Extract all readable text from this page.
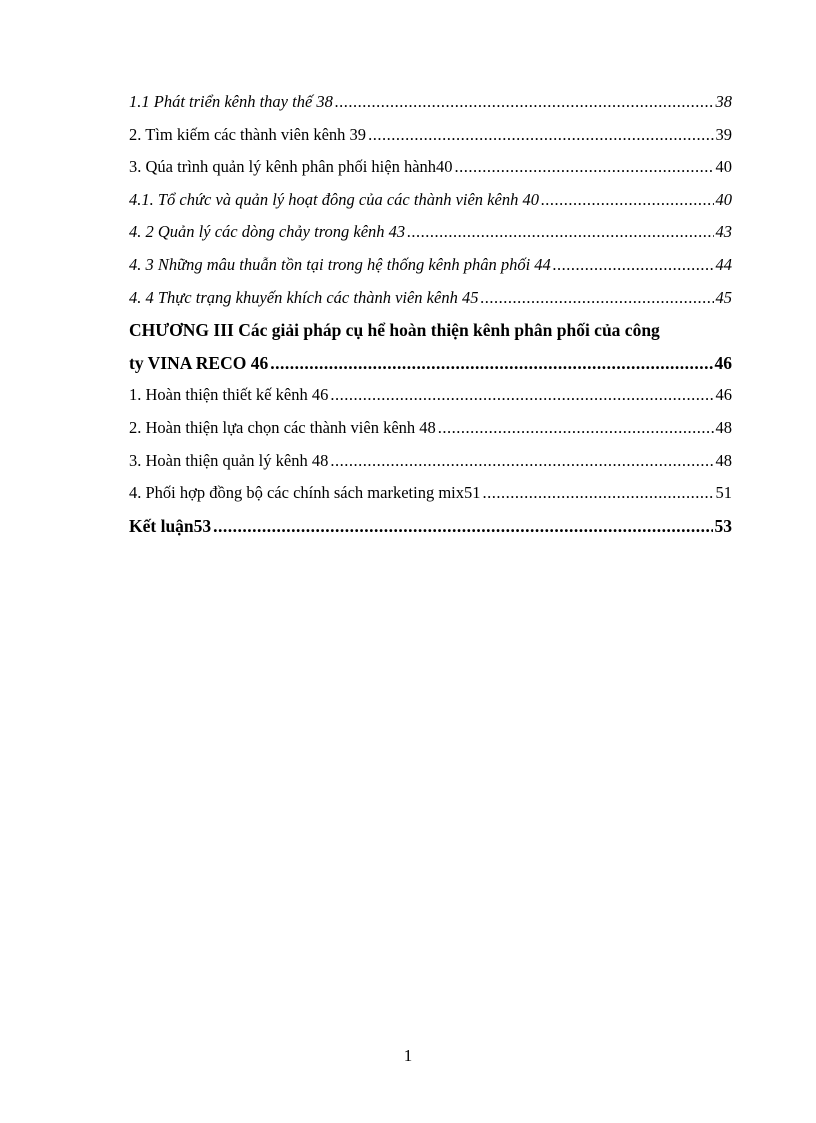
1.1 Phát triển kênh thay thế 38 .....	38
2. Tìm kiếm các thành viên kênh 39 .....	39
3. Qúa trình quản lý kênh phân phối hiện hành40 .....	40
4.1. Tổ chức và quản lý hoạt đông của các thành viên kênh 40 .....	40
4. 2 Quản lý các dòng chảy trong kênh 43 .....	43
4. 3 Những mâu thuẫn tồn tại trong hệ thống kênh phân phối 44 .....	44
4. 4 Thực trạng khuyến khích các thành viên kênh 45 .....	45
CHƯƠNG III Các giải pháp cụ hể hoàn thiện kênh phân phối của công
ty VINA RECO 46 .....	46
1. Hoàn thiện thiết kế kênh 46 .....	46
2. Hoàn thiện lựa chọn các thành viên kênh 48 .....	48
3. Hoàn thiện quản lý kênh 48 .....	48
4. Phối hợp đồng bộ các chính sách marketing mix51 .....	51
Kết luận53 .....	53
1
